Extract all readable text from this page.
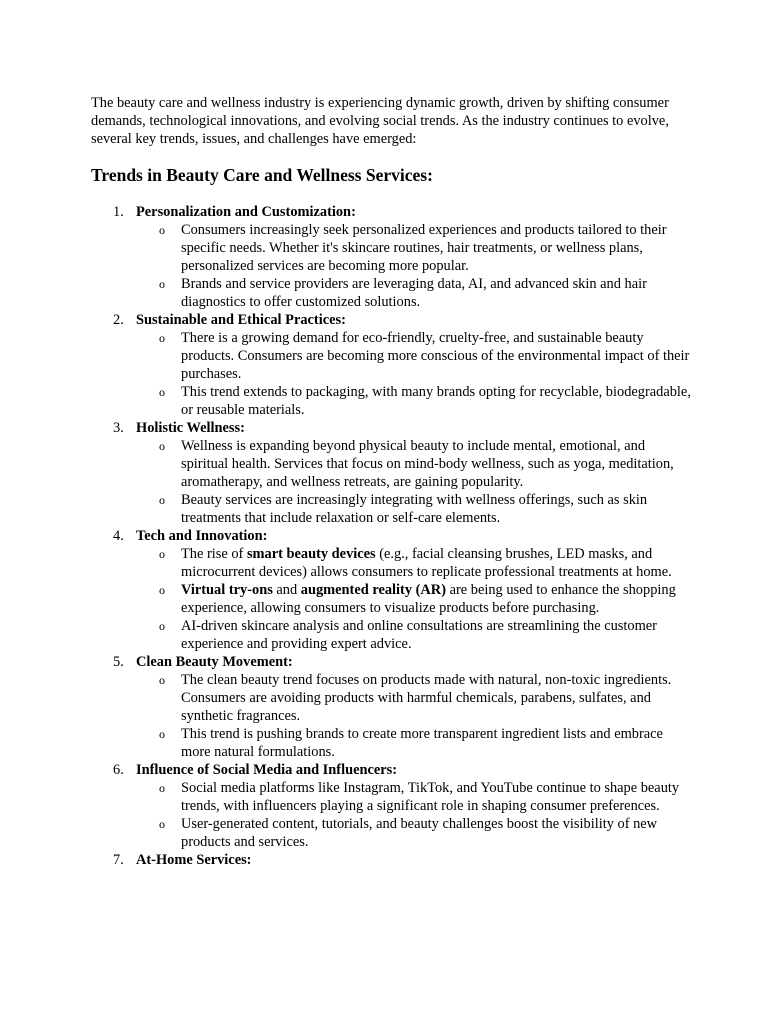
The beauty care and wellness industry is experiencing dynamic growth, driven by shifting consumer demands, technological innovations, and evolving social trends. As the industry continues to evolve, several key trends, issues, and challenges have emerged:

Trends in Beauty Care and Wellness Services:
1. Personalization and Customization:
o Consumers increasingly seek personalized experiences and products tailored to their specific needs. Whether it's skincare routines, hair treatments, or wellness plans, personalized services are becoming more popular.
o Brands and service providers are leveraging data, AI, and advanced skin and hair diagnostics to offer customized solutions.
2. Sustainable and Ethical Practices:
o There is a growing demand for eco-friendly, cruelty-free, and sustainable beauty products. Consumers are becoming more conscious of the environmental impact of their purchases.
o This trend extends to packaging, with many brands opting for recyclable, biodegradable, or reusable materials.
3. Holistic Wellness:
o Wellness is expanding beyond physical beauty to include mental, emotional, and spiritual health. Services that focus on mind-body wellness, such as yoga, meditation, aromatherapy, and wellness retreats, are gaining popularity.
o Beauty services are increasingly integrating with wellness offerings, such as skin treatments that include relaxation or self-care elements.
4. Tech and Innovation:
o The rise of smart beauty devices (e.g., facial cleansing brushes, LED masks, and microcurrent devices) allows consumers to replicate professional treatments at home.
o Virtual try-ons and augmented reality (AR) are being used to enhance the shopping experience, allowing consumers to visualize products before purchasing.
o AI-driven skincare analysis and online consultations are streamlining the customer experience and providing expert advice.
5. Clean Beauty Movement:
o The clean beauty trend focuses on products made with natural, non-toxic ingredients. Consumers are avoiding products with harmful chemicals, parabens, sulfates, and synthetic fragrances.
o This trend is pushing brands to create more transparent ingredient lists and embrace more natural formulations.
6. Influence of Social Media and Influencers:
o Social media platforms like Instagram, TikTok, and YouTube continue to shape beauty trends, with influencers playing a significant role in shaping consumer preferences.
o User-generated content, tutorials, and beauty challenges boost the visibility of new products and services.
7. At-Home Services:
